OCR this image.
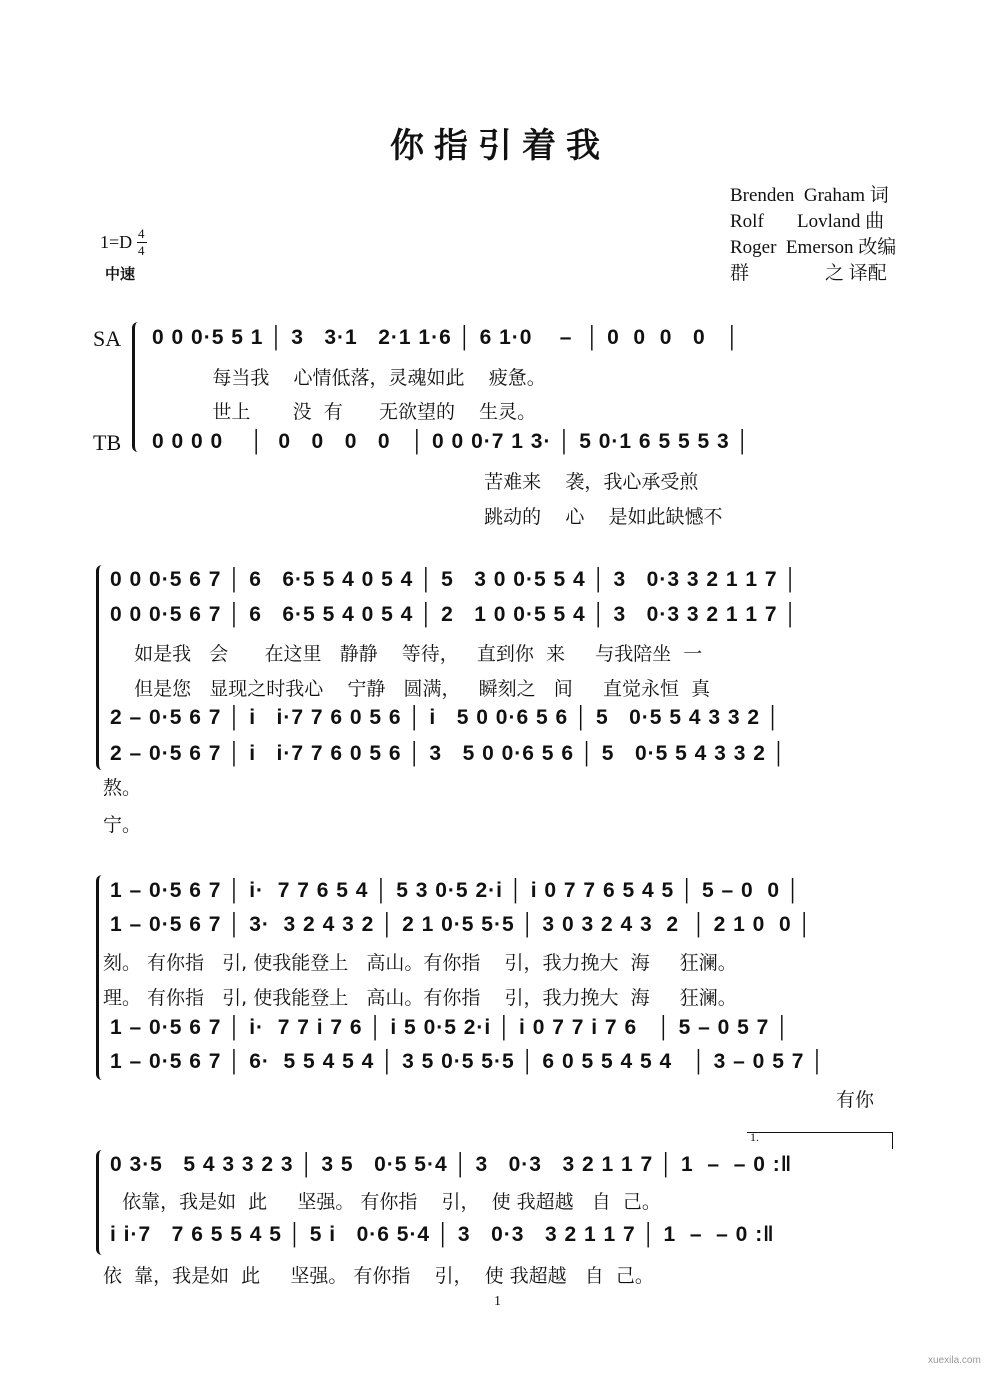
你指引着我
Brenden  Graham 词
Rolf       Lovland 曲
Roger  Emerson 改编
群                之 译配
1=D 4
4
中速
SA
TB
0 0 0·5 5 1 │ 3   3·1   2·1 1·6 │ 6 1·0    –  │ 0  0  0   0   │
每当我    心情低落，灵魂如此    疲惫。
世上       没  有      无欲望的    生灵。
0 0 0 0    │  0   0   0   0   │ 0 0 0·7 1 3· │ 5 0·1 6 5 5 5 3 │
苦难来    袭，我心承受煎
跳动的    心    是如此缺憾不
0 0 0·5 6 7 │ 6   6·5 5 4 0 5 4 │ 5   3 0 0·5 5 4 │ 3   0·3 3 2 1 1 7 │
0 0 0·5 6 7 │ 6   6·5 5 4 0 5 4 │ 2   1 0 0·5 5 4 │ 3   0·3 3 2 1 1 7 │
如是我   会      在这里   静静    等待，   直到你  来     与我陪坐  一
但是您   显现之时我心    宁静   圆满，   瞬刻之   间     直觉永恒  真
2 – 0·5 6 7 │ i   i·7 7 6 0 5 6 │ i   5 0 0·6 5 6 │ 5   0·5 5 4 3 3 2 │
2 – 0·5 6 7 │ i   i·7 7 6 0 5 6 │ 3   5 0 0·6 5 6 │ 5   0·5 5 4 3 3 2 │
熬。
宁。
1 – 0·5 6 7 │ i·  7 7 6 5 4 │ 5 3 0·5 2·i │ i 0 7 7 6 5 4 5 │ 5 – 0  0 │
1 – 0·5 6 7 │ 3·  3 2 4 3 2 │ 2 1 0·5 5·5 │ 3 0 3 2 4 3  2  │ 2 1 0  0 │
刻。 有你指   引, 使我能登上   高山。有你指    引，我力挽大  海     狂澜。
理。 有你指   引, 使我能登上   高山。有你指    引，我力挽大  海     狂澜。
1 – 0·5 6 7 │ i·  7 7 i 7 6 │ i 5 0·5 2·i │ i 0 7 7 i 7 6   │ 5 – 0 5 7 │
1 – 0·5 6 7 │ 6·  5 5 4 5 4 │ 3 5 0·5 5·5 │ 6 0 5 5 4 5 4   │ 3 – 0 5 7 │
有你
1.
0 3·5   5 4 3 3 2 3 │ 3 5   0·5 5·4 │ 3   0·3   3 2 1 1 7 │ 1  –  – 0 :‖
依靠，我是如  此     坚强。 有你指    引，  使 我超越   自  己。
i i·7   7 6 5 5 4 5 │ 5 i   0·6 5·4 │ 3   0·3   3 2 1 1 7 │ 1  –  – 0 :‖
依  靠，我是如  此     坚强。 有你指    引，  使 我超越   自  己。
1
xuexila.com
